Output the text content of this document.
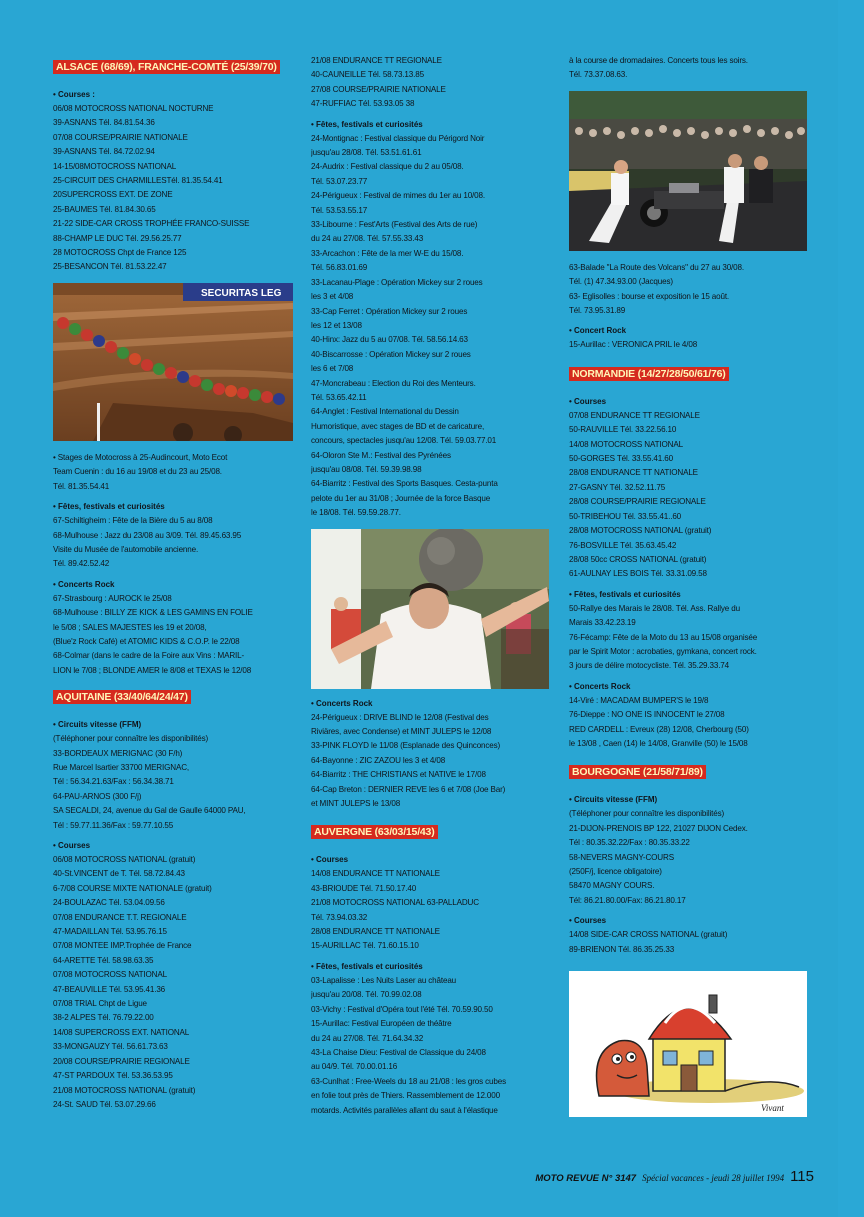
ALSACE (68/69), FRANCHE-COMTÉ (25/39/70)
• Courses :
06/08 MOTOCROSS NATIONAL NOCTURNE
39-ASNANS Tél. 84.81.54.36
07/08 COURSE/PRAIRIE NATIONALE
39-ASNANS Tél. 84.72.02.94
14-15/08MOTOCROSS NATIONAL
25-CIRCUIT DES CHARMILLESTél. 81.35.54.41
20SUPERCROSS EXT. DE ZONE
25-BAUMES Tél. 81.84.30.65
21-22 SIDE-CAR CROSS TROPHÉE FRANCO-SUISSE
88-CHAMP LE DUC Tél. 29.56.25.77
28 MOTOCROSS Chpt de France 125
25-BESANCON Tél. 81.53.22.47
SECURITAS LEG
• Stages de Motocross à 25-Audincourt, Moto Ecot
Team Cuenin : du 16 au 19/08 et du 23 au 25/08.
Tél. 81.35.54.41
• Fêtes, festivals et curiosités
67-Schiltigheim : Fête de la Bière du 5 au 8/08
68-Mulhouse : Jazz du 23/08 au 3/09. Tél. 89.45.63.95
Visite du Musée de l'automobile ancienne.
Tél. 89.42.52.42
• Concerts Rock
67-Strasbourg : AUROCK le 25/08
68-Mulhouse : BILLY ZE KICK & LES GAMINS EN FOLIE
le 5/08 ; SALES MAJESTES les 19 et 20/08,
(Blue'z Rock Café) et ATOMIC KIDS & C.O.P. le 22/08
68-Colmar (dans le cadre de la Foire aux Vins : MARIL-
LION le 7/08 ; BLONDE AMER le 8/08 et TEXAS le 12/08
AQUITAINE (33/40/64/24/47)
• Circuits vitesse (FFM)
(Téléphoner pour connaître les disponibilités)
33-BORDEAUX MERIGNAC (30 F/h)
Rue Marcel Isartier 33700 MERIGNAC,
Tél : 56.34.21.63/Fax : 56.34.38.71
64-PAU-ARNOS (300 F/j)
SA SECALDI, 24, avenue du Gal de Gaulle 64000 PAU,
Tél : 59.77.11.36/Fax : 59.77.10.55
• Courses
06/08 MOTOCROSS NATIONAL (gratuit)
40-St.VINCENT de T. Tél. 58.72.84.43
6-7/08 COURSE MIXTE NATIONALE (gratuit)
24-BOULAZAC Tél. 53.04.09.56
07/08 ENDURANCE T.T. REGIONALE
47-MADAILLAN Tél. 53.95.76.15
07/08 MONTEE IMP.Trophée de France
64-ARETTE Tél. 58.98.63.35
07/08 MOTOCROSS NATIONAL
47-BEAUVILLE Tél. 53.95.41.36
07/08 TRIAL Chpt de Ligue
38-2 ALPES Tél. 76.79.22.00
14/08 SUPERCROSS EXT. NATIONAL
33-MONGAUZY Tél. 56.61.73.63
20/08 COURSE/PRAIRIE REGIONALE
47-ST PARDOUX Tél. 53.36.53.95
21/08 MOTOCROSS NATIONAL (gratuit)
24-St. SAUD Tél. 53.07.29.66
21/08 ENDURANCE TT REGIONALE
40-CAUNEILLE Tél. 58.73.13.85
27/08 COURSE/PRAIRIE NATIONALE
47-RUFFIAC Tél. 53.93.05 38
• Fêtes, festivals et curiosités
24-Montignac : Festival classique du Périgord Noir
jusqu'au 28/08. Tél. 53.51.61.61
24-Audrix : Festival classique du 2 au 05/08.
Tél. 53.07.23.77
24-Périgueux : Festival de mimes du 1er au 10/08.
Tél. 53.53.55.17
33-Libourne : Fest'Arts (Festival des Arts de rue)
du 24 au 27/08. Tél. 57.55.33.43
33-Arcachon : Fête de la mer W-E du 15/08.
Tél. 56.83.01.69
33-Lacanau-Plage : Opération Mickey sur 2 roues
les 3 et 4/08
33-Cap Ferret : Opération Mickey sur 2 roues
les 12 et 13/08
40-Hinx: Jazz du 5 au 07/08. Tél. 58.56.14.63
40-Biscarrosse : Opération Mickey sur 2 roues
les 6 et 7/08
47-Moncrabeau : Election du Roi des Menteurs.
Tél. 53.65.42.11
64-Anglet : Festival International du Dessin
Humoristique, avec stages de BD et de caricature,
concours, spectacles jusqu'au 12/08. Tél. 59.03.77.01
64-Oloron Ste M.: Festival des Pyrénées
jusqu'au 08/08. Tél. 59.39.98.98
64-Biarritz : Festival des Sports Basques. Cesta-punta
pelote du 1er au 31/08 ; Journée de la force Basque
le 18/08. Tél. 59.59.28.77.
• Concerts Rock
24-Périgueux : DRIVE BLIND le 12/08 (Festival des
Riviäres, avec Condense) et MINT JULEPS le 12/08
33-PINK FLOYD le 11/08 (Esplanade des Quinconces)
64-Bayonne : ZIC ZAZOU les 3 et 4/08
64-Biarritz : THE CHRISTIANS et NATIVE le 17/08
64-Cap Breton : DERNIER REVE les 6 et 7/08 (Joe Bar)
et MINT JULEPS le 13/08
AUVERGNE (63/03/15/43)
• Courses
14/08 ENDURANCE TT NATIONALE
43-BRIOUDE Tél. 71.50.17.40
21/08 MOTOCROSS NATIONAL 63-PALLADUC
Tél. 73.94.03.32
28/08 ENDURANCE TT NATIONALE
15-AURILLAC Tél. 71.60.15.10
• Fêtes, festivals et curiosités
03-Lapalisse : Les Nuits Laser au château
jusqu'au 20/08. Tél. 70.99.02.08
03-Vichy : Festival d'Opéra tout l'été Tél. 70.59.90.50
15-Aurillac: Festival Européen de théâtre
du 24 au 27/08. Tél. 71.64.34.32
43-La Chaise Dieu: Festival de Classique du 24/08
au 04/9. Tél. 70.00.01.16
63-Cunlhat : Free-Weels du 18 au 21/08 : les gros cubes
en folie tout près de Thiers. Rassemblement de 12.000
motards. Activités parallèles allant du saut à l'élastique
à la course de dromadaires. Concerts tous les soirs.
Tél. 73.37.08.63.
63-Balade "La Route des Volcans" du 27 au 30/08.
Tél. (1) 47.34.93.00 (Jacques)
63- Eglisolles : bourse et exposition le 15 août.
Tél. 73.95.31.89
• Concert Rock
15-Aurillac : VERONICA PRIL le 4/08
NORMANDIE (14/27/28/50/61/76)
• Courses
07/08 ENDURANCE TT REGIONALE
50-RAUVILLE Tél. 33.22.56.10
14/08 MOTOCROSS NATIONAL
50-GORGES Tél. 33.55.41.60
28/08 ENDURANCE TT NATIONALE
27-GASNY Tél. 32.52.11.75
28/08 COURSE/PRAIRIE REGIONALE
50-TRIBEHOU Tél. 33.55.41..60
28/08 MOTOCROSS NATIONAL (gratuit)
76-BOSVILLE Tél. 35.63.45.42
28/08 50cc CROSS NATIONAL (gratuit)
61-AULNAY LES BOIS Tél. 33.31.09.58
• Fêtes, festivals et curiosités
50-Rallye des Marais le 28/08. Tél. Ass. Rallye du
Marais 33.42.23.19
76-Fécamp: Fête de la Moto du 13 au 15/08 organisée
par le Spirit Motor : acrobaties, gymkana, concert rock.
3 jours de délire motocycliste. Tél. 35.29.33.74
• Concerts Rock
14-Viré : MACADAM BUMPER'S le 19/8
76-Dieppe : NO ONE IS INNOCENT le 27/08
RED CARDELL : Evreux (28) 12/08, Cherbourg (50)
le 13/08 , Caen (14) le 14/08, Granville (50) le 15/08
BOURGOGNE (21/58/71/89)
• Circuits vitesse (FFM)
(Téléphoner pour connaître les disponibilités)
21-DIJON-PRENOIS BP 122, 21027 DIJON Cedex.
Tél : 80.35.32.22/Fax : 80.35.33.22
58-NEVERS MAGNY-COURS
(250F/j, licence obligatoire)
58470 MAGNY COURS.
Tél: 86.21.80.00/Fax: 86.21.80.17
• Courses
14/08 SIDE-CAR CROSS NATIONAL (gratuit)
89-BRIENON Tél. 86.35.25.33
Vivant
MOTO REVUE N° 3147 Spécial vacances - jeudi 28 juillet 1994 115
